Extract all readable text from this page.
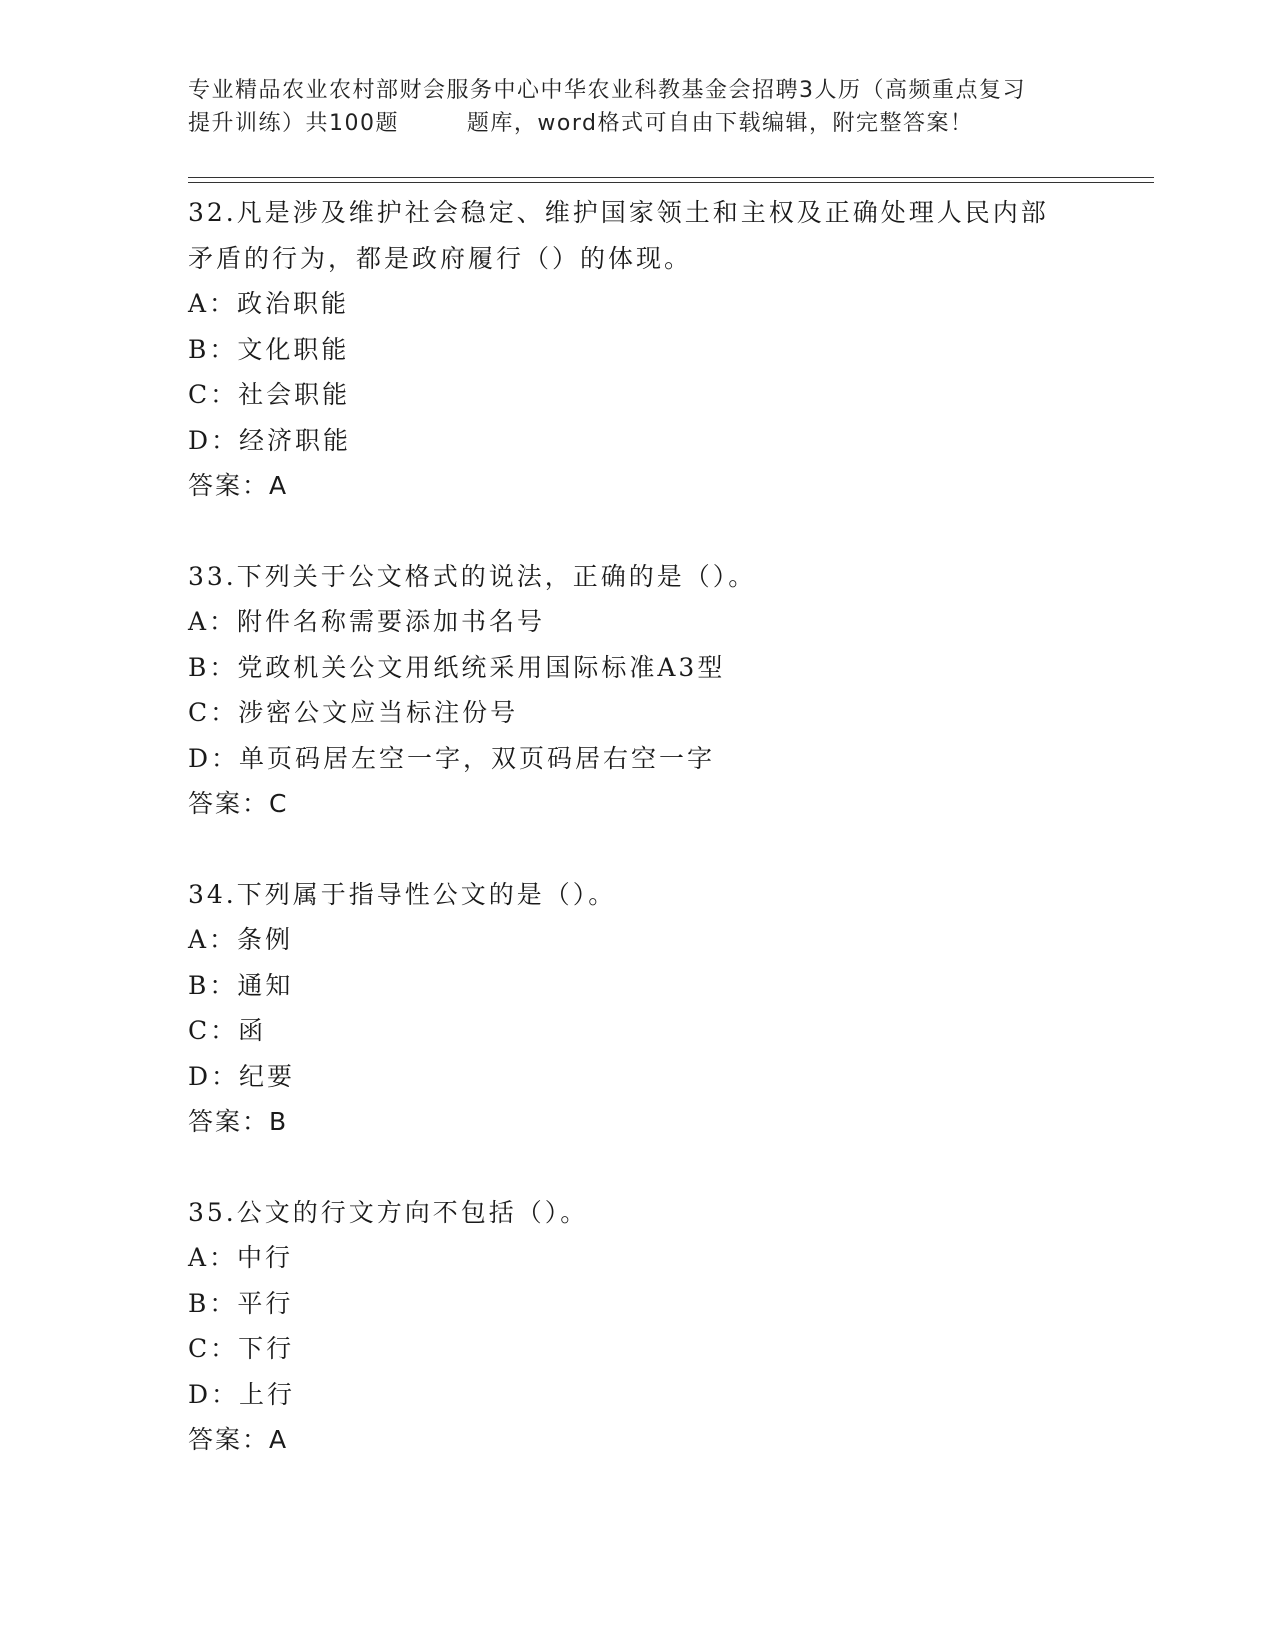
专业精品农业农村部财会服务中心中华农业科教基金会招聘3人历（高频重点复习
提升训练）共100题        题库，word格式可自由下载编辑，附完整答案！
32.凡是涉及维护社会稳定、维护国家领土和主权及正确处理人民内部
矛盾的行为，都是政府履行（）的体现。
A：政治职能
B：文化职能
C：社会职能
D：经济职能
答案：A
33.下列关于公文格式的说法，正确的是（）。
A：附件名称需要添加书名号
B：党政机关公文用纸统采用国际标准A3型
C：涉密公文应当标注份号
D：单页码居左空一字，双页码居右空一字
答案：C
34.下列属于指导性公文的是（）。
A：条例
B：通知
C：函
D：纪要
答案：B
35.公文的行文方向不包括（）。
A：中行
B：平行
C：下行
D：上行
答案：A
